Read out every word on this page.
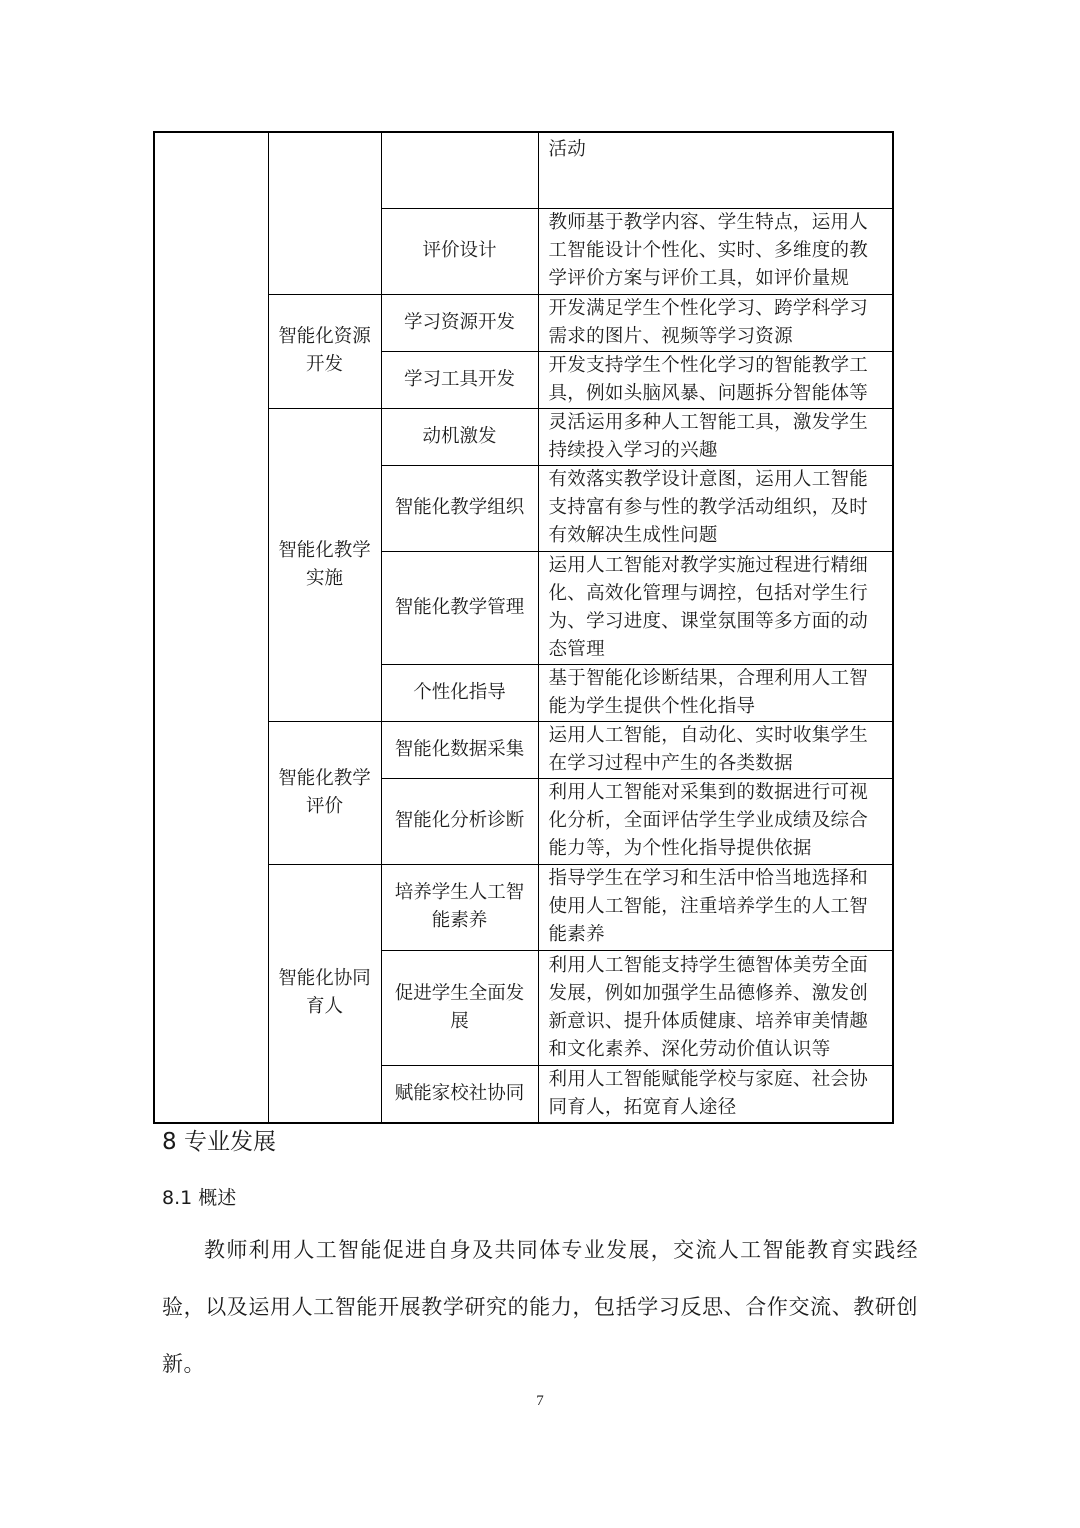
			活动

		评价设计	教师基于教学内容、学生特点，运用人工智能设计个性化、实时、多维度的教学评价方案与评价工具，如评价量规

	智能化资源开发	学习资源开发	开发满足学生个性化学习、跨学科学习需求的图片、视频等学习资源

		学习工具开发	开发支持学生个性化学习的智能教学工具，例如头脑风暴、问题拆分智能体等

	智能化教学实施	动机激发	灵活运用多种人工智能工具，激发学生持续投入学习的兴趣

		智能化教学组织	有效落实教学设计意图，运用人工智能支持富有参与性的教学活动组织，及时有效解决生成性问题

		智能化教学管理	运用人工智能对教学实施过程进行精细化、高效化管理与调控，包括对学生行为、学习进度、课堂氛围等多方面的动态管理

		个性化指导	基于智能化诊断结果，合理利用人工智能为学生提供个性化指导

	智能化教学评价	智能化数据采集	运用人工智能，自动化、实时收集学生在学习过程中产生的各类数据

		智能化分析诊断	利用人工智能对采集到的数据进行可视化分析，全面评估学生学业成绩及综合能力等，为个性化指导提供依据

	智能化协同育人	培养学生人工智能素养	指导学生在学习和生活中恰当地选择和使用人工智能，注重培养学生的人工智能素养

		促进学生全面发展	利用人工智能支持学生德智体美劳全面发展，例如加强学生品德修养、激发创新意识、提升体质健康、培养审美情趣和文化素养、深化劳动价值认识等

		赋能家校社协同	利用人工智能赋能学校与家庭、社会协同育人，拓宽育人途径
8 专业发展
8.1 概述

教师利用人工智能促进自身及共同体专业发展，交流人工智能教育实践经验，以及运用人工智能开展教学研究的能力，包括学习反思、合作交流、教研创新。

7
